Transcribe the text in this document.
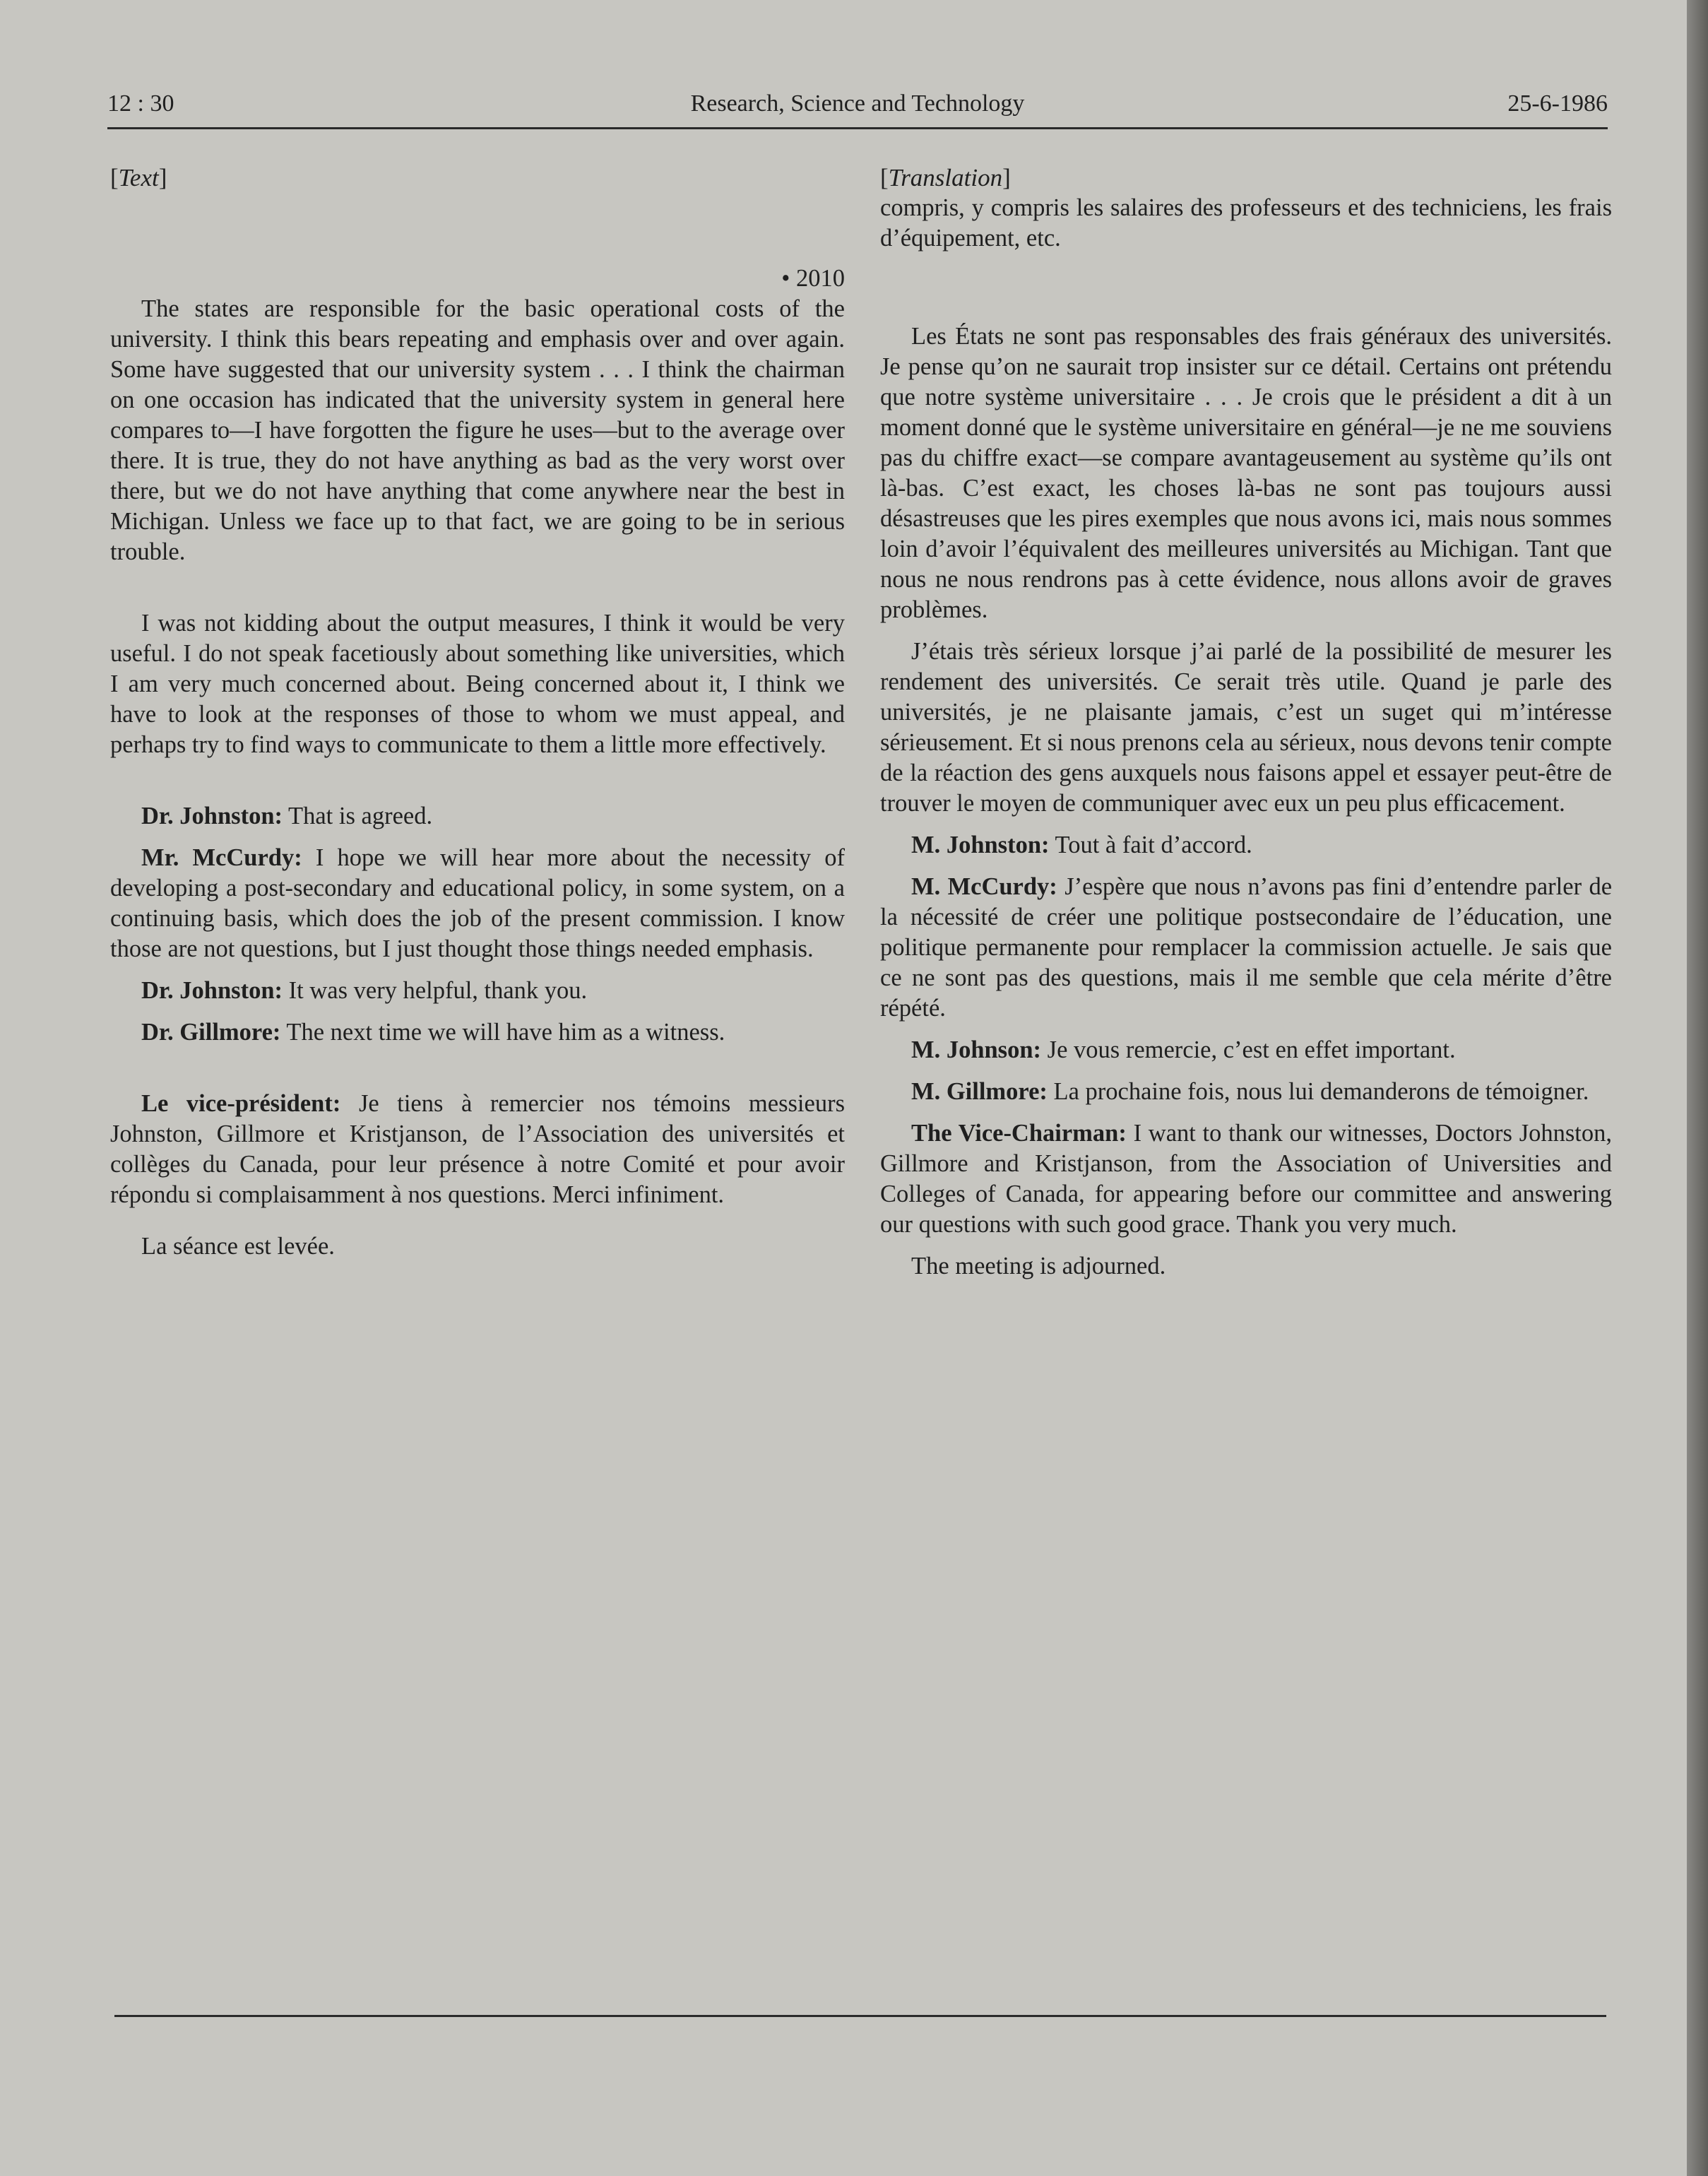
12 : 30	Research, Science and Technology	25-6-1986

[Text]

• 2010

The states are responsible for the basic operational costs of the university. I think this bears repeating and emphasis over and over again. Some have suggested that our university system . . . I think the chairman on one occasion has indicated that the university system in general here compares to—I have forgotten the figure he uses—but to the average over there. It is true, they do not have anything as bad as the very worst over there, but we do not have anything that come anywhere near the best in Michigan. Unless we face up to that fact, we are going to be in serious trouble.

I was not kidding about the output measures, I think it would be very useful. I do not speak facetiously about something like universities, which I am very much concerned about. Being concerned about it, I think we have to look at the responses of those to whom we must appeal, and perhaps try to find ways to communicate to them a little more effectively.

Dr. Johnston: That is agreed.

Mr. McCurdy: I hope we will hear more about the necessity of developing a post-secondary and educational policy, in some system, on a continuing basis, which does the job of the present commission. I know those are not questions, but I just thought those things needed emphasis.

Dr. Johnston: It was very helpful, thank you.

Dr. Gillmore: The next time we will have him as a witness.

Le vice-président: Je tiens à remercier nos témoins messieurs Johnston, Gillmore et Kristjanson, de l’Association des universités et collèges du Canada, pour leur présence à notre Comité et pour avoir répondu si complaisamment à nos questions. Merci infiniment.

La séance est levée.

[Translation]

compris, y compris les salaires des professeurs et des techniciens, les frais d’équipement, etc.

Les États ne sont pas responsables des frais généraux des universités. Je pense qu’on ne saurait trop insister sur ce détail. Certains ont prétendu que notre système universitaire . . . Je crois que le président a dit à un moment donné que le système universitaire en général—je ne me souviens pas du chiffre exact—se compare avantageusement au système qu’ils ont là-bas. C’est exact, les choses là-bas ne sont pas toujours aussi désastreuses que les pires exemples que nous avons ici, mais nous sommes loin d’avoir l’équivalent des meilleures universités au Michigan. Tant que nous ne nous rendrons pas à cette évidence, nous allons avoir de graves problèmes.

J’étais très sérieux lorsque j’ai parlé de la possibilité de mesurer les rendement des universités. Ce serait très utile. Quand je parle des universités, je ne plaisante jamais, c’est un suget qui m’intéresse sérieusement. Et si nous prenons cela au sérieux, nous devons tenir compte de la réaction des gens auxquels nous faisons appel et essayer peut-être de trouver le moyen de communiquer avec eux un peu plus efficacement.

M. Johnston: Tout à fait d’accord.

M. McCurdy: J’espère que nous n’avons pas fini d’entendre parler de la nécessité de créer une politique postsecondaire de l’éducation, une politique permanente pour remplacer la commission actuelle. Je sais que ce ne sont pas des questions, mais il me semble que cela mérite d’être répété.

M. Johnson: Je vous remercie, c’est en effet important.

M. Gillmore: La prochaine fois, nous lui demanderons de témoigner.

The Vice-Chairman: I want to thank our witnesses, Doctors Johnston, Gillmore and Kristjanson, from the Association of Universities and Colleges of Canada, for appearing before our committee and answering our questions with such good grace. Thank you very much.

The meeting is adjourned.
